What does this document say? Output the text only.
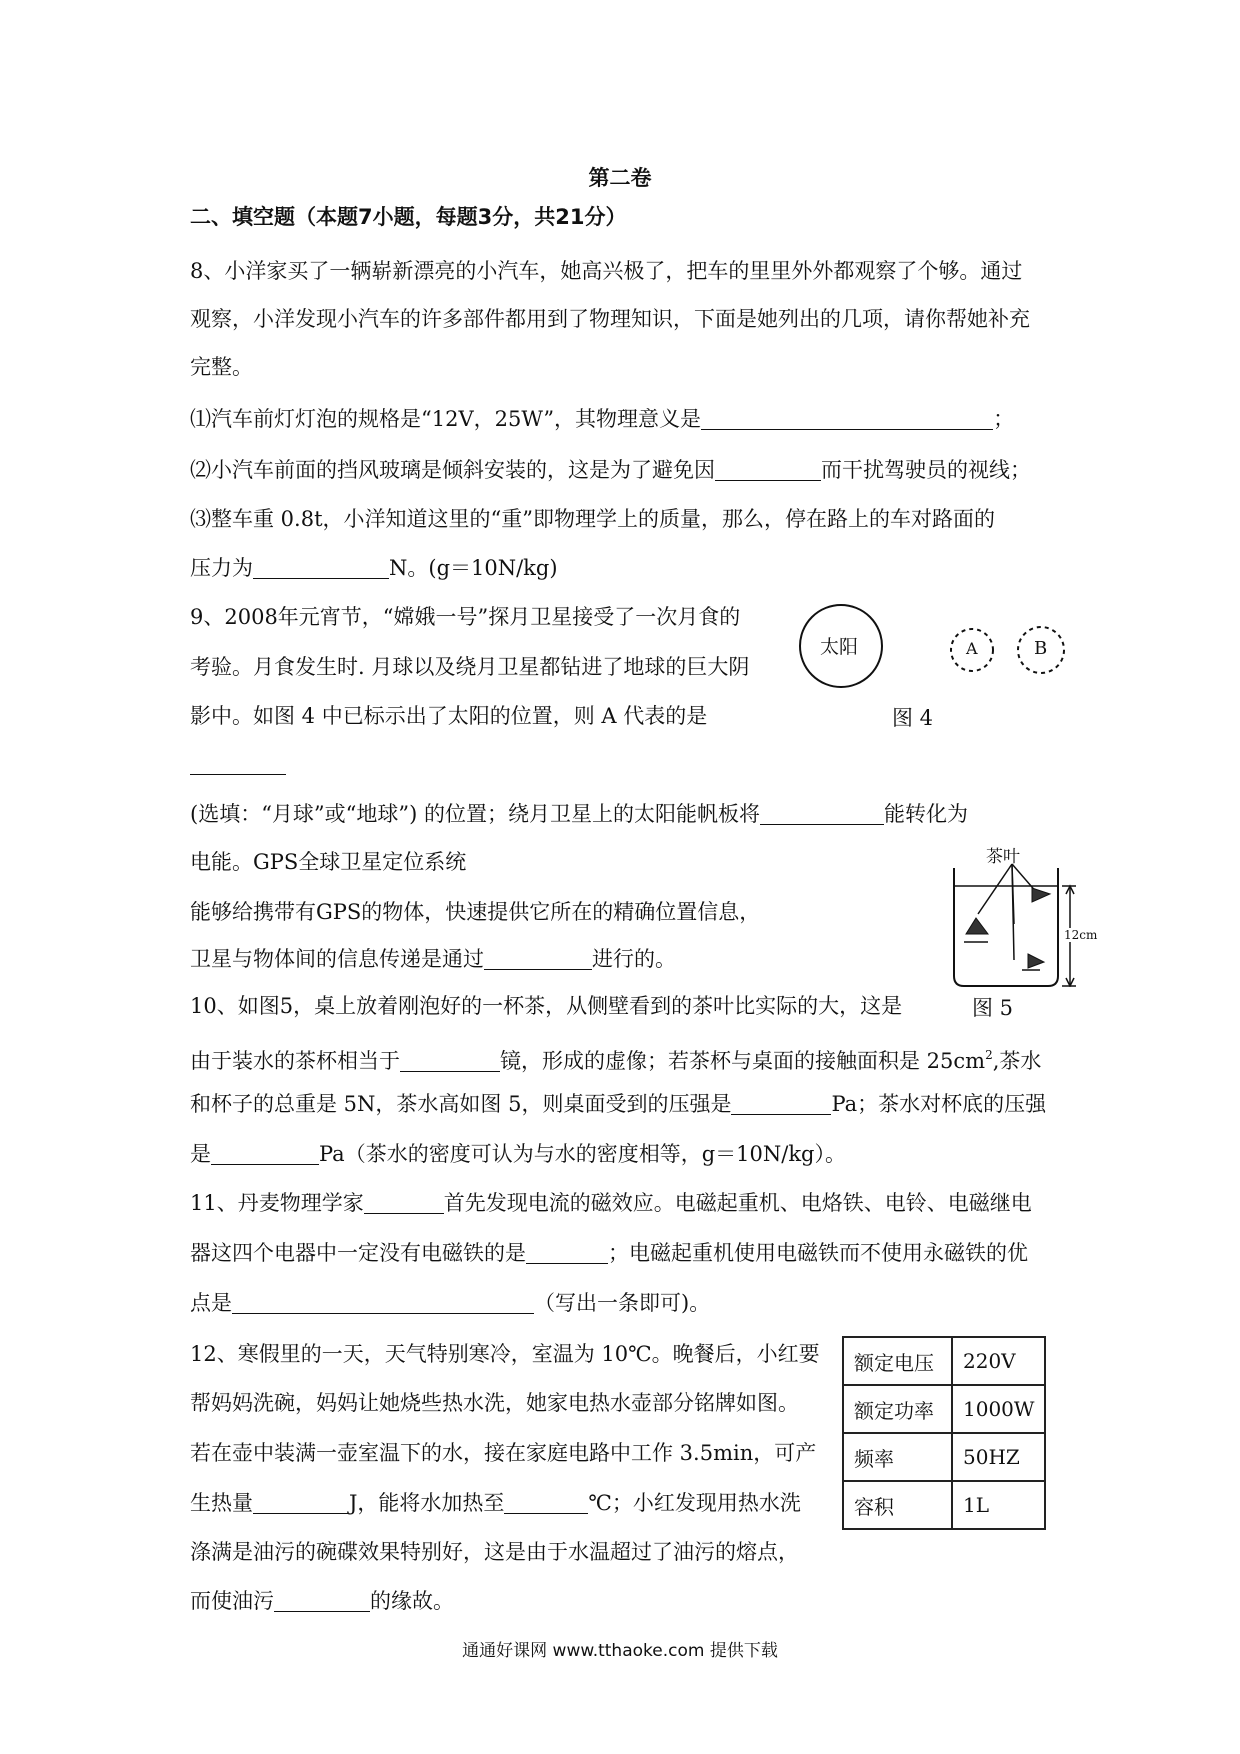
第二卷
二、填空题（本题7小题，每题3分，共21分）
8、小洋家买了一辆崭新漂亮的小汽车，她高兴极了，把车的里里外外都观察了个够。通过
观察，小洋发现小汽车的许多部件都用到了物理知识，下面是她列出的几项，请你帮她补充
完整。
⑴汽车前灯灯泡的规格是“12V，25W”，其物理意义是	；
⑵小汽车前面的挡风玻璃是倾斜安装的，这是为了避免因	而干扰驾驶员的视线；
⑶整车重 0.8t，小洋知道这里的“重”即物理学上的质量，那么，停在路上的车对路面的
压力为	N。(g＝10N/kg)
9、2008年元宵节，“嫦娥一号”探月卫星接受了一次月食的
考验。月食发生时. 月球以及绕月卫星都钻进了地球的巨大阴
影中。如图 4 中已标示出了太阳的位置，则 A 代表的是
(选填：“月球”或“地球”) 的位置；绕月卫星上的太阳能帆板将	能转化为
电能。GPS全球卫星定位系统
能够给携带有GPS的物体，快速提供它所在的精确位置信息，
卫星与物体间的信息传递是通过	进行的。
太阳	A	B
图 4
10、如图5，桌上放着刚泡好的一杯茶，从侧壁看到的茶叶比实际的大，这是
由于装水的茶杯相当于	镜，形成的虚像；若茶杯与桌面的接触面积是 $25cm^2$,茶水
和杯子的总重是 5N，茶水高如图 5，则桌面受到的压强是	Pa；茶水对杯底的压强
是	Pa（茶水的密度可认为与水的密度相等，g＝10N/kg）。
茶叶
12cm
图 5
11、丹麦物理学家	首先发现电流的磁效应。电磁起重机、电烙铁、电铃、电磁继电
器这四个电器中一定没有电磁铁的是	；电磁起重机使用电磁铁而不使用永磁铁的优
点是	（写出一条即可)。
12、寒假里的一天，天气特别寒冷，室温为 10℃。晚餐后，小红要
帮妈妈洗碗，妈妈让她烧些热水洗，她家电热水壶部分铭牌如图。
若在壶中装满一壶室温下的水，接在家庭电路中工作 3.5min，可产
生热量	J，能将水加热至	℃；小红发现用热水洗
涤满是油污的碗碟效果特别好，这是由于水温超过了油污的熔点，
而使油污	的缘故。
额定电压	220V
额定功率	1000W
频率	50HZ
容积	1L
通通好课网 www.tthaoke.com 提供下载
